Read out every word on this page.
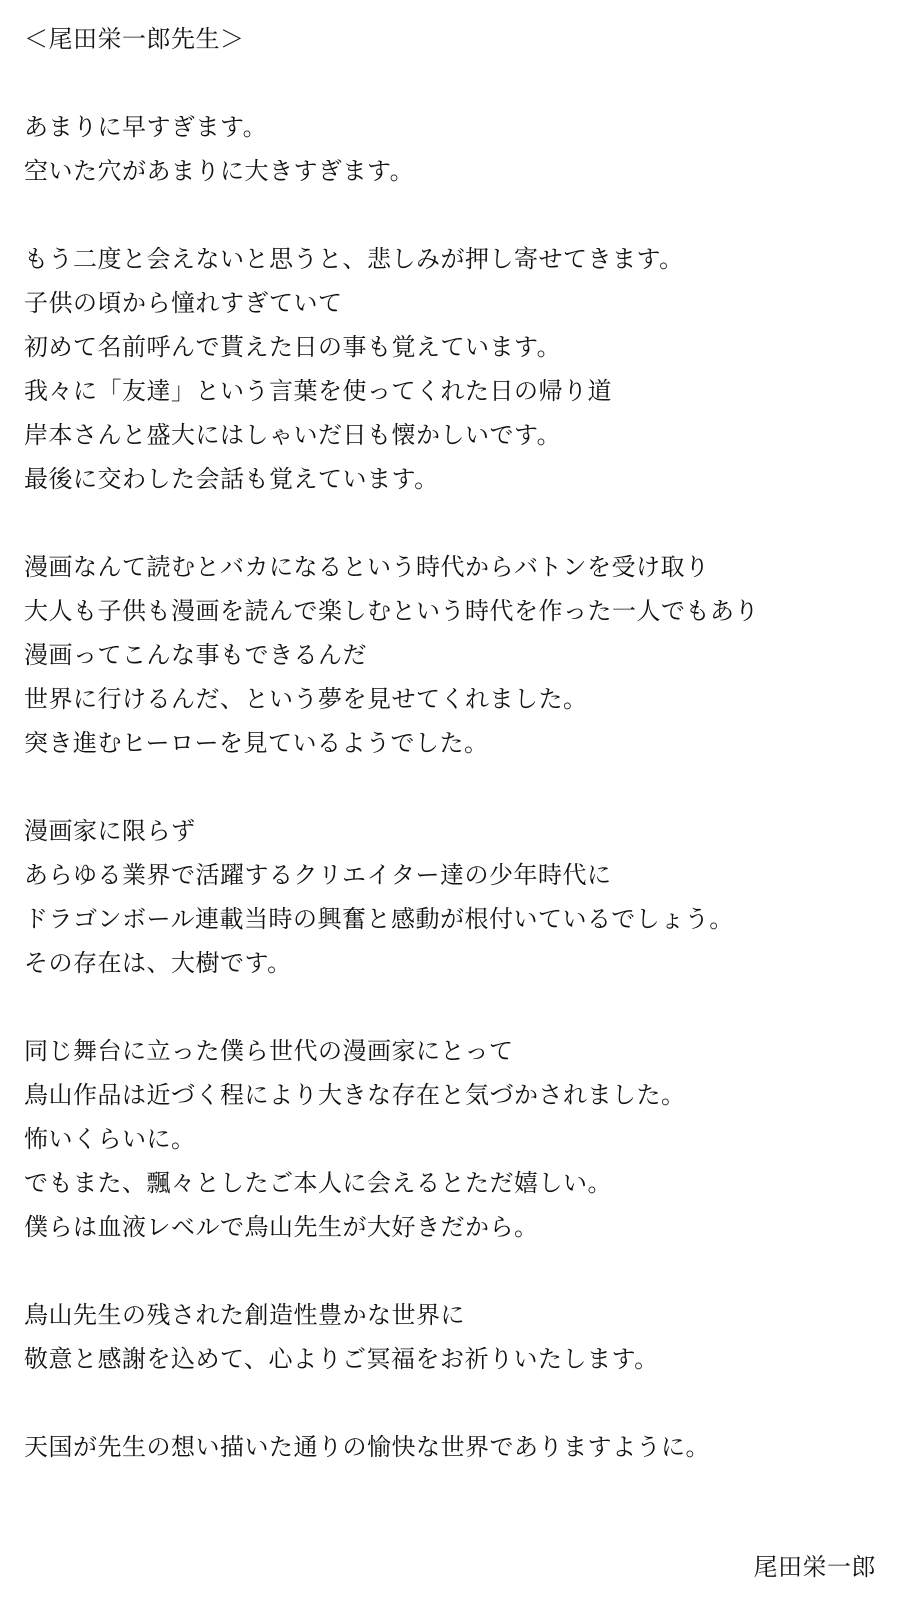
＜尾田栄一郎先生＞
あまりに早すぎます。
空いた穴があまりに大きすぎます。
もう二度と会えないと思うと、悲しみが押し寄せてきます。
子供の頃から憧れすぎていて
初めて名前呼んで貰えた日の事も覚えています。
我々に「友達」という言葉を使ってくれた日の帰り道
岸本さんと盛大にはしゃいだ日も懐かしいです。
最後に交わした会話も覚えています。
漫画なんて読むとバカになるという時代からバトンを受け取り
大人も子供も漫画を読んで楽しむという時代を作った一人でもあり
漫画ってこんな事もできるんだ
世界に行けるんだ、という夢を見せてくれました。
突き進むヒーローを見ているようでした。
漫画家に限らず
あらゆる業界で活躍するクリエイター達の少年時代に
ドラゴンボール連載当時の興奮と感動が根付いているでしょう。
その存在は、大樹です。
同じ舞台に立った僕ら世代の漫画家にとって
鳥山作品は近づく程により大きな存在と気づかされました。
怖いくらいに。
でもまた、飄々としたご本人に会えるとただ嬉しい。
僕らは血液レベルで鳥山先生が大好きだから。
鳥山先生の残された創造性豊かな世界に
敬意と感謝を込めて、心よりご冥福をお祈りいたします。
天国が先生の想い描いた通りの愉快な世界でありますように。
尾田栄一郎
